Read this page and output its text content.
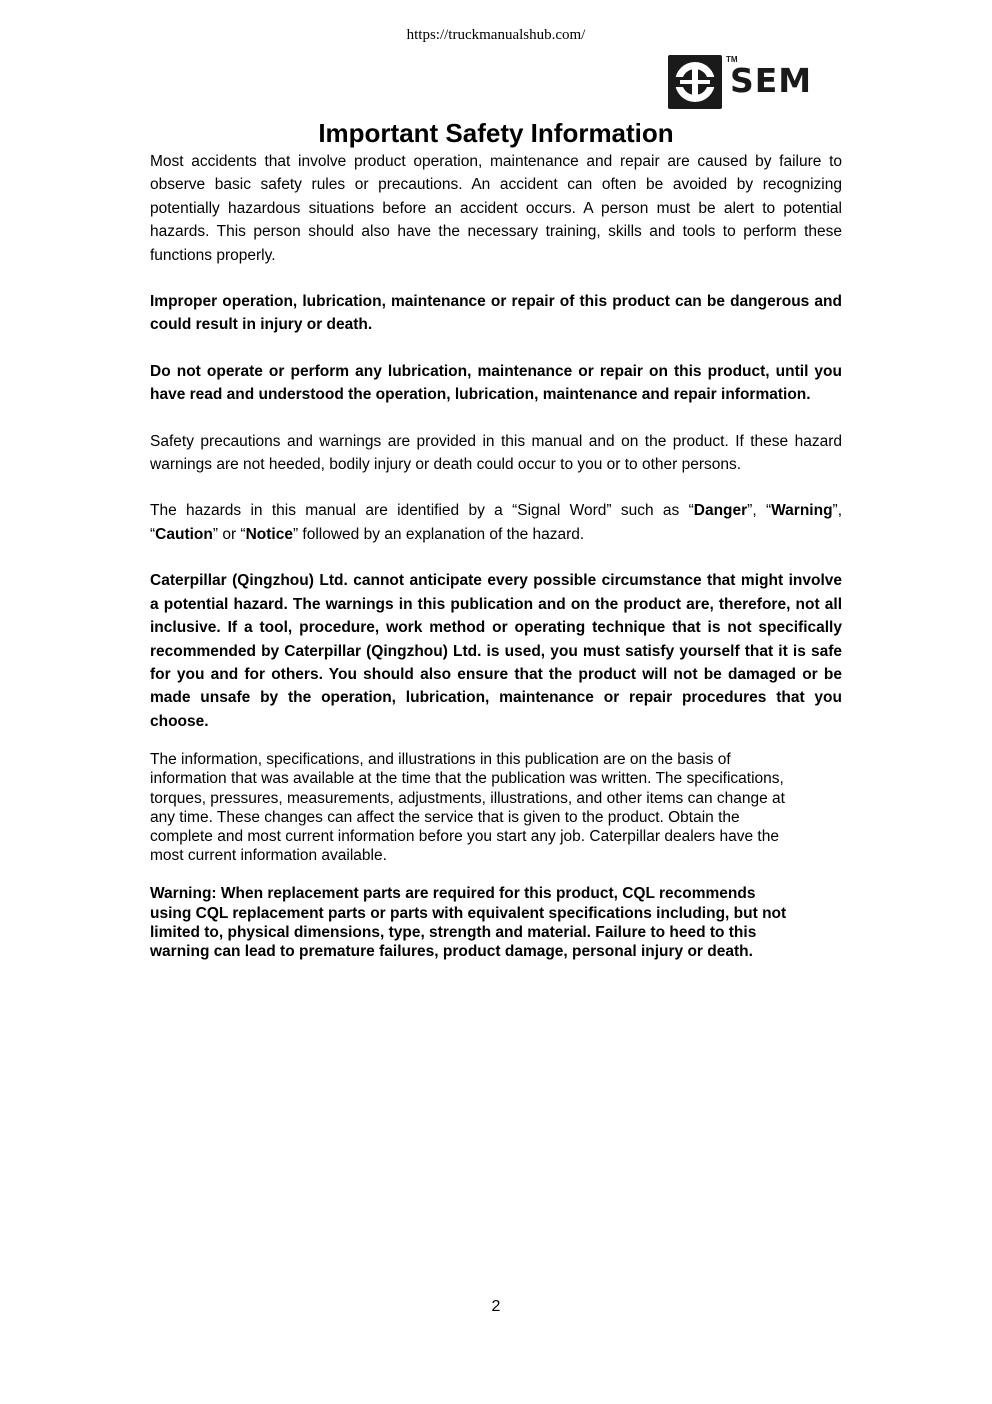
https://truckmanualshub.com/
TM
SEM
Important Safety Information

Most accidents that involve product operation, maintenance and repair are caused by failure to observe basic safety rules or precautions. An accident can often be avoided by recognizing potentially hazardous situations before an accident occurs. A person must be alert to potential hazards. This person should also have the necessary training, skills and tools to perform these functions properly.

Improper operation, lubrication, maintenance or repair of this product can be dangerous and could result in injury or death.

Do not operate or perform any lubrication, maintenance or repair on this product, until you have read and understood the operation, lubrication, maintenance and repair information.

Safety precautions and warnings are provided in this manual and on the product. If these hazard warnings are not heeded, bodily injury or death could occur to you or to other persons.

The hazards in this manual are identified by a “Signal Word” such as “Danger”, “Warning”, “Caution” or “Notice” followed by an explanation of the hazard.

Caterpillar (Qingzhou) Ltd. cannot anticipate every possible circumstance that might involve a potential hazard. The warnings in this publication and on the product are, therefore, not all inclusive. If a tool, procedure, work method or operating technique that is not specifically recommended by Caterpillar (Qingzhou) Ltd. is used, you must satisfy yourself that it is safe for you and for others. You should also ensure that the product will not be damaged or be made unsafe by the operation, lubrication, maintenance or repair procedures that you choose.

The information, specifications, and illustrations in this publication are on the basis of
information that was available at the time that the publication was written. The specifications,
torques, pressures, measurements, adjustments, illustrations, and other items can change at
any time. These changes can affect the service that is given to the product. Obtain the
complete and most current information before you start any job. Caterpillar dealers have the
most current information available.
Warning: When replacement parts are required for this product, CQL recommends
using CQL replacement parts or parts with equivalent specifications including, but not
limited to, physical dimensions, type, strength and material. Failure to heed to this
warning can lead to premature failures, product damage, personal injury or death.
2
